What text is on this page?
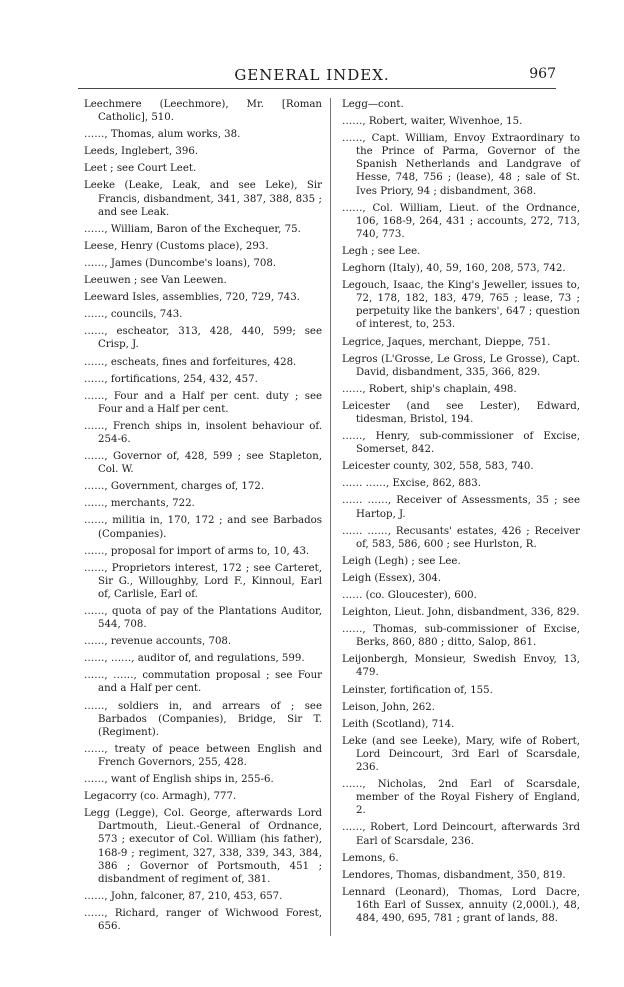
GENERAL INDEX.	967

Leechmere (Leechmore), Mr. [Roman Catholic], 510.

……, Thomas, alum works, 38.

Leeds, Inglebert, 396.

Leet ; see Court Leet.

Leeke (Leake, Leak, and see Leke), Sir Francis, disbandment, 341, 387, 388, 835 ; and see Leak.

……, William, Baron of the Exchequer, 75.

Leese, Henry (Customs place), 293.

……, James (Duncombe's loans), 708.

Leeuwen ; see Van Leewen.

Leeward Isles, assemblies, 720, 729, 743.

……, councils, 743.

……, escheator, 313, 428, 440, 599; see Crisp, J.

……, escheats, fines and forfeitures, 428.

……, fortifications, 254, 432, 457.

……, Four and a Half per cent. duty ; see Four and a Half per cent.

……, French ships in, insolent behaviour of. 254-6.

……, Governor of, 428, 599 ; see Stapleton, Col. W.

……, Government, charges of, 172.

……, merchants, 722.

……, militia in, 170, 172 ; and see Barbados (Companies).

……, proposal for import of arms to, 10, 43.

……, Proprietors interest, 172 ; see Carteret, Sir G., Willoughby, Lord F., Kinnoul, Earl of, Carlisle, Earl of.

……, quota of pay of the Plantations Auditor, 544, 708.

……, revenue accounts, 708.

……, ……, auditor of, and regulations, 599.

……, ……, commutation proposal ; see Four and a Half per cent.

……, soldiers in, and arrears of ; see Barbados (Companies), Bridge, Sir T. (Regiment).

……, treaty of peace between English and French Governors, 255, 428.

……, want of English ships in, 255-6.

Legacorry (co. Armagh), 777.

Legg (Legge), Col. George, afterwards Lord Dartmouth, Lieut.-General of Ordnance, 573 ; executor of Col. William (his father), 168-9 ; regiment, 327, 338, 339, 343, 384, 386 ; Governor of Portsmouth, 451 ; disbandment of regiment of, 381.

……, John, falconer, 87, 210, 453, 657.

……, Richard, ranger of Wichwood Forest, 656.

Legg—cont.

……, Robert, waiter, Wivenhoe, 15.

……, Capt. William, Envoy Extraordinary to the Prince of Parma, Governor of the Spanish Netherlands and Landgrave of Hesse, 748, 756 ; (lease), 48 ; sale of St. Ives Priory, 94 ; disbandment, 368.

……, Col. William, Lieut. of the Ordnance, 106, 168-9, 264, 431 ; accounts, 272, 713, 740, 773.

Legh ; see Lee.

Leghorn (Italy), 40, 59, 160, 208, 573, 742.

Legouch, Isaac, the King's Jeweller, issues to, 72, 178, 182, 183, 479, 765 ; lease, 73 ; perpetuity like the bankers', 647 ; question of interest, to, 253.

Legrice, Jaques, merchant, Dieppe, 751.

Legros (L'Grosse, Le Gross, Le Grosse), Capt. David, disbandment, 335, 366, 829.

……, Robert, ship's chaplain, 498.

Leicester (and see Lester), Edward, tidesman, Bristol, 194.

……, Henry, sub-commissioner of Excise, Somerset, 842.

Leicester county, 302, 558, 583, 740.

…… ……, Excise, 862, 883.

…… ……, Receiver of Assessments, 35 ; see Hartop, J.

…… ……, Recusants' estates, 426 ; Receiver of, 583, 586, 600 ; see Hurlston, R.

Leigh (Legh) ; see Lee.

Leigh (Essex), 304.

…… (co. Gloucester), 600.

Leighton, Lieut. John, disbandment, 336, 829.

……, Thomas, sub-commissioner of Excise, Berks, 860, 880 ; ditto, Salop, 861.

Leijonbergh, Monsieur, Swedish Envoy, 13, 479.

Leinster, fortification of, 155.

Leison, John, 262.

Leith (Scotland), 714.

Leke (and see Leeke), Mary, wife of Robert, Lord Deincourt, 3rd Earl of Scarsdale, 236.

……, Nicholas, 2nd Earl of Scarsdale, member of the Royal Fishery of England, 2.

……, Robert, Lord Deincourt, afterwards 3rd Earl of Scarsdale, 236.

Lemons, 6.

Lendores, Thomas, disbandment, 350, 819.

Lennard (Leonard), Thomas, Lord Dacre, 16th Earl of Sussex, annuity (2,000l.), 48, 484, 490, 695, 781 ; grant of lands, 88.
